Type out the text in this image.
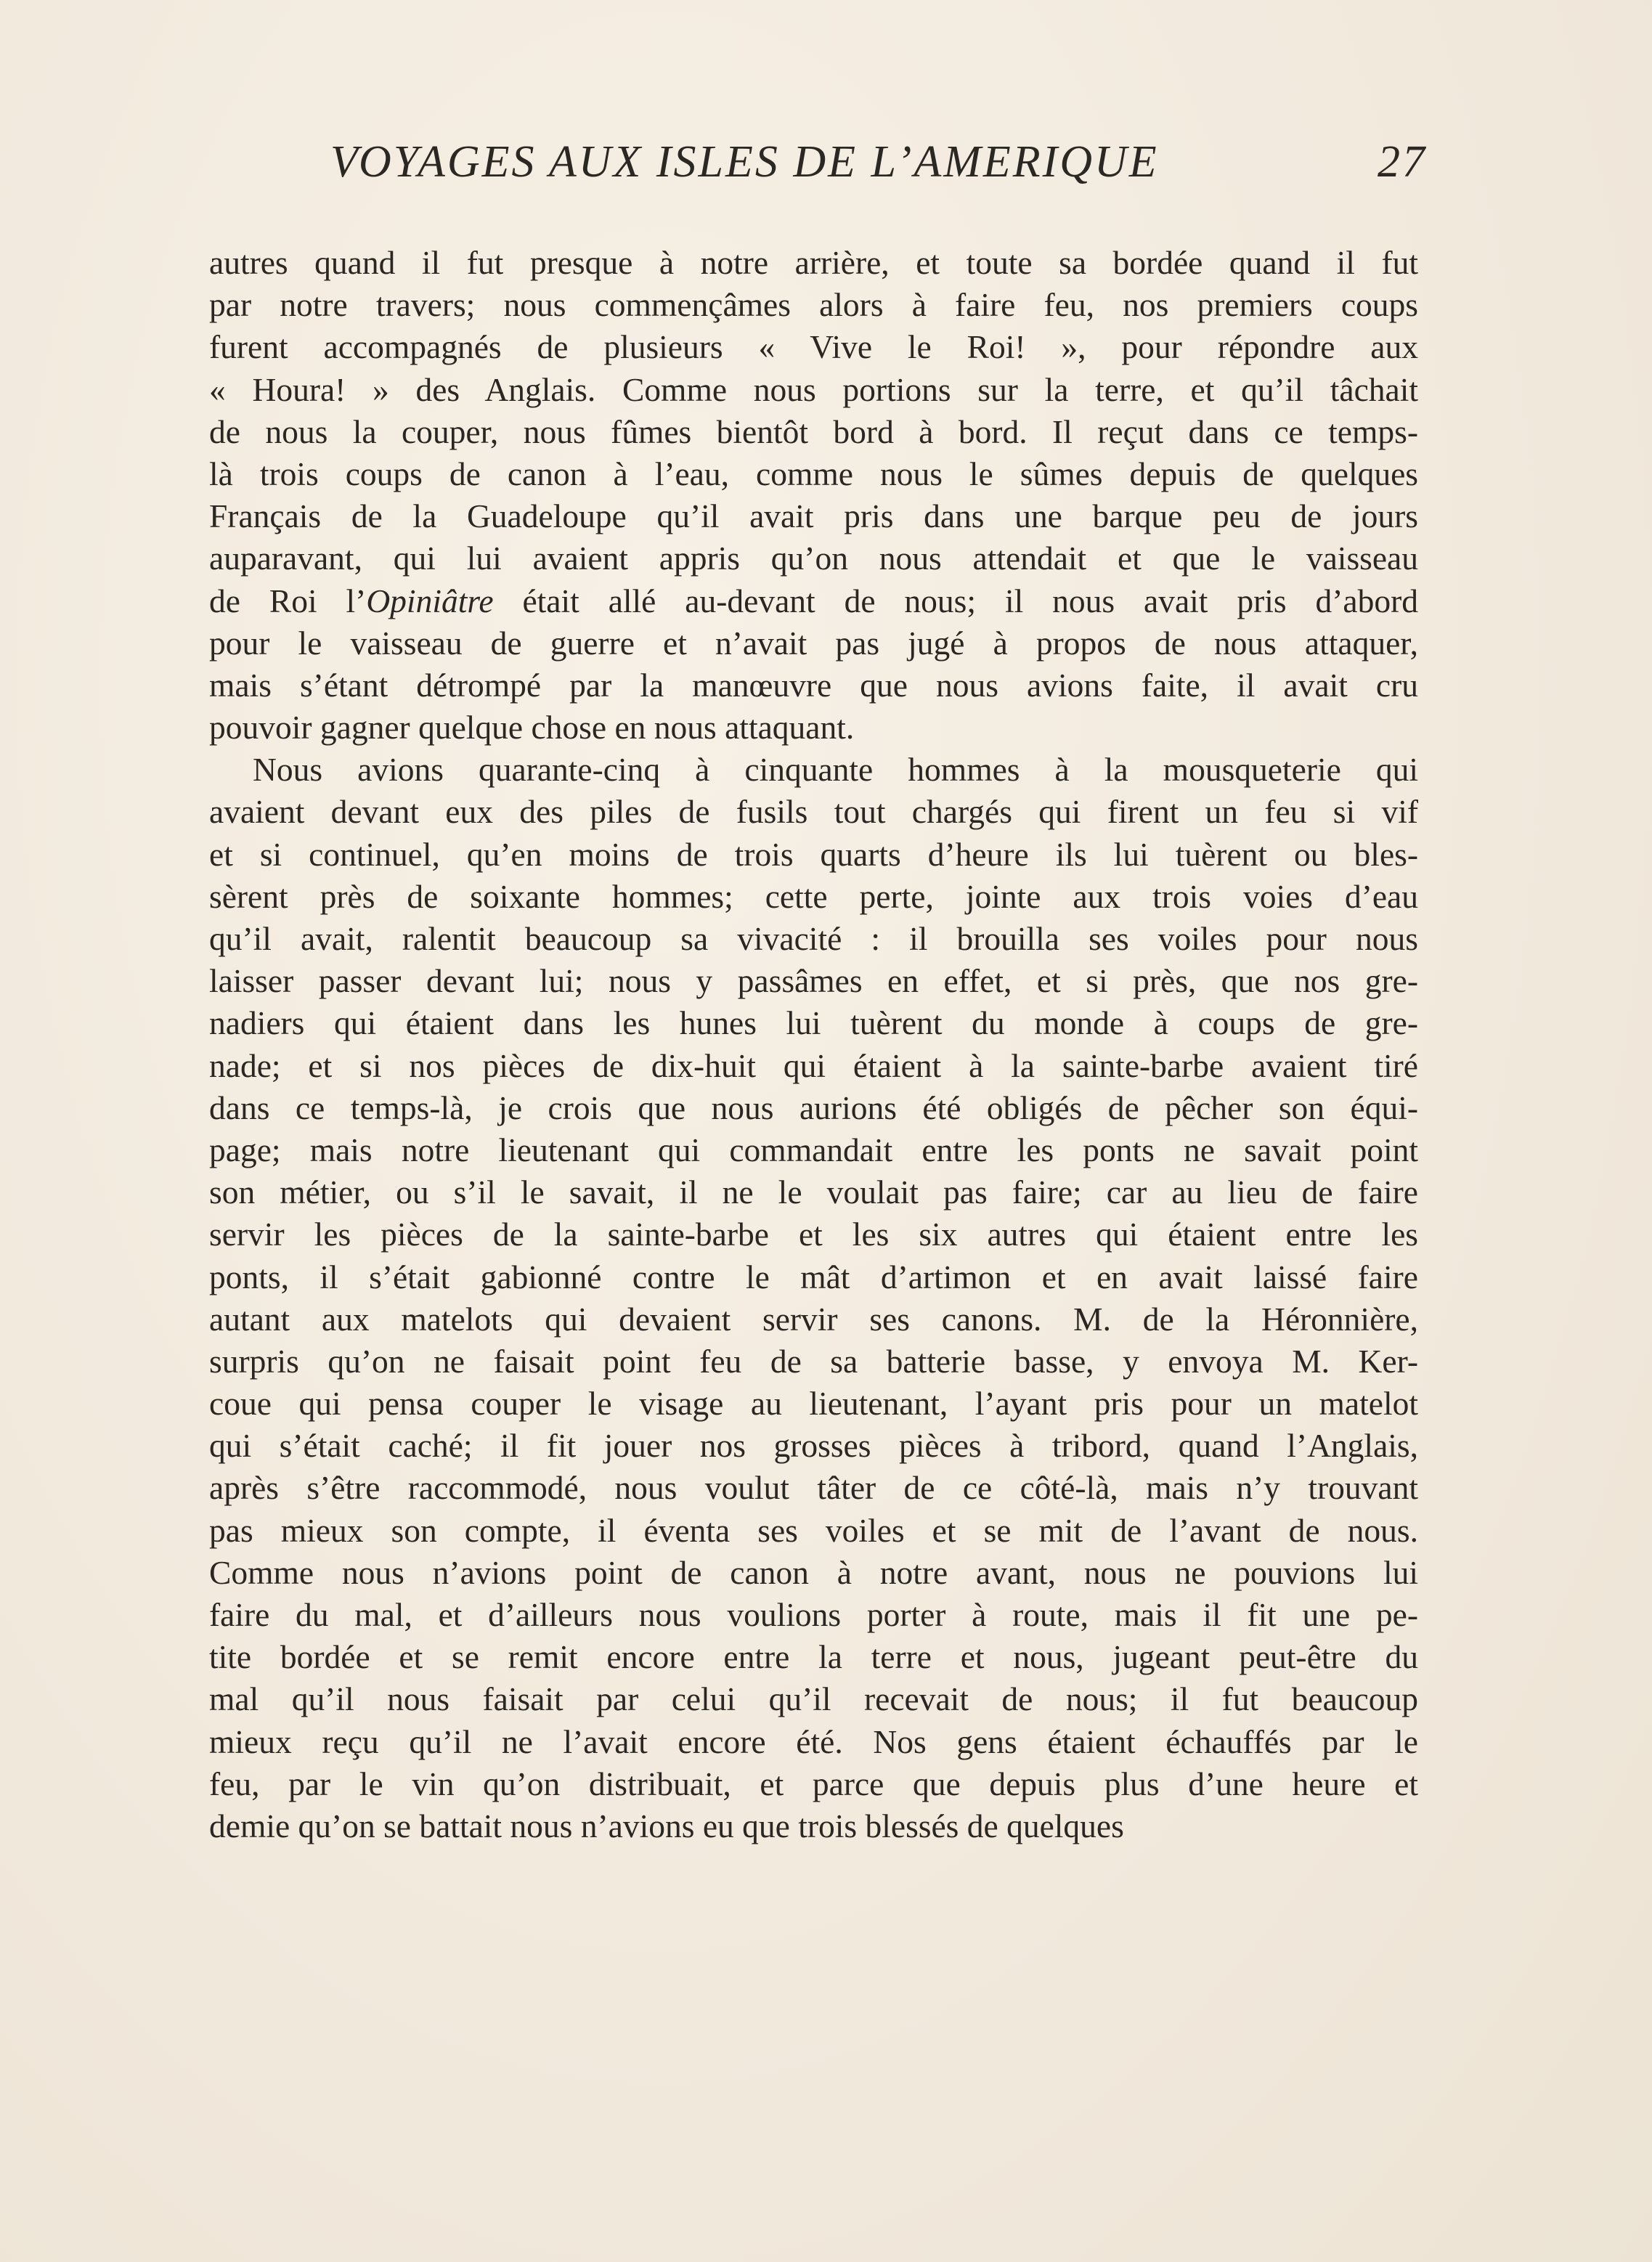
VOYAGES AUX ISLES DE L’AMERIQUE	27
autres quand il fut presque à notre arrière, et toute sa bordée quand il fut
par notre travers; nous commençâmes alors à faire feu, nos premiers coups
furent accompagnés de plusieurs « Vive le Roi! », pour répondre aux
« Houra! » des Anglais. Comme nous portions sur la terre, et qu’il tâchait
de nous la couper, nous fûmes bientôt bord à bord. Il reçut dans ce temps-
là trois coups de canon à l’eau, comme nous le sûmes depuis de quelques
Français de la Guadeloupe qu’il avait pris dans une barque peu de jours
auparavant, qui lui avaient appris qu’on nous attendait et que le vaisseau
de Roi l’Opiniâtre était allé au-devant de nous; il nous avait pris d’abord
pour le vaisseau de guerre et n’avait pas jugé à propos de nous attaquer,
mais s’étant détrompé par la manœuvre que nous avions faite, il avait cru
pouvoir gagner quelque chose en nous attaquant.
Nous avions quarante-cinq à cinquante hommes à la mousqueterie qui
avaient devant eux des piles de fusils tout chargés qui firent un feu si vif
et si continuel, qu’en moins de trois quarts d’heure ils lui tuèrent ou bles-
sèrent près de soixante hommes; cette perte, jointe aux trois voies d’eau
qu’il avait, ralentit beaucoup sa vivacité : il brouilla ses voiles pour nous
laisser passer devant lui; nous y passâmes en effet, et si près, que nos gre-
nadiers qui étaient dans les hunes lui tuèrent du monde à coups de gre-
nade; et si nos pièces de dix-huit qui étaient à la sainte-barbe avaient tiré
dans ce temps-là, je crois que nous aurions été obligés de pêcher son équi-
page; mais notre lieutenant qui commandait entre les ponts ne savait point
son métier, ou s’il le savait, il ne le voulait pas faire; car au lieu de faire
servir les pièces de la sainte-barbe et les six autres qui étaient entre les
ponts, il s’était gabionné contre le mât d’artimon et en avait laissé faire
autant aux matelots qui devaient servir ses canons. M. de la Héronnière,
surpris qu’on ne faisait point feu de sa batterie basse, y envoya M. Ker-
coue qui pensa couper le visage au lieutenant, l’ayant pris pour un matelot
qui s’était caché; il fit jouer nos grosses pièces à tribord, quand l’Anglais,
après s’être raccommodé, nous voulut tâter de ce côté-là, mais n’y trouvant
pas mieux son compte, il éventa ses voiles et se mit de l’avant de nous.
Comme nous n’avions point de canon à notre avant, nous ne pouvions lui
faire du mal, et d’ailleurs nous voulions porter à route, mais il fit une pe-
tite bordée et se remit encore entre la terre et nous, jugeant peut-être du
mal qu’il nous faisait par celui qu’il recevait de nous; il fut beaucoup
mieux reçu qu’il ne l’avait encore été. Nos gens étaient échauffés par le
feu, par le vin qu’on distribuait, et parce que depuis plus d’une heure et
demie qu’on se battait nous n’avions eu que trois blessés de quelques
